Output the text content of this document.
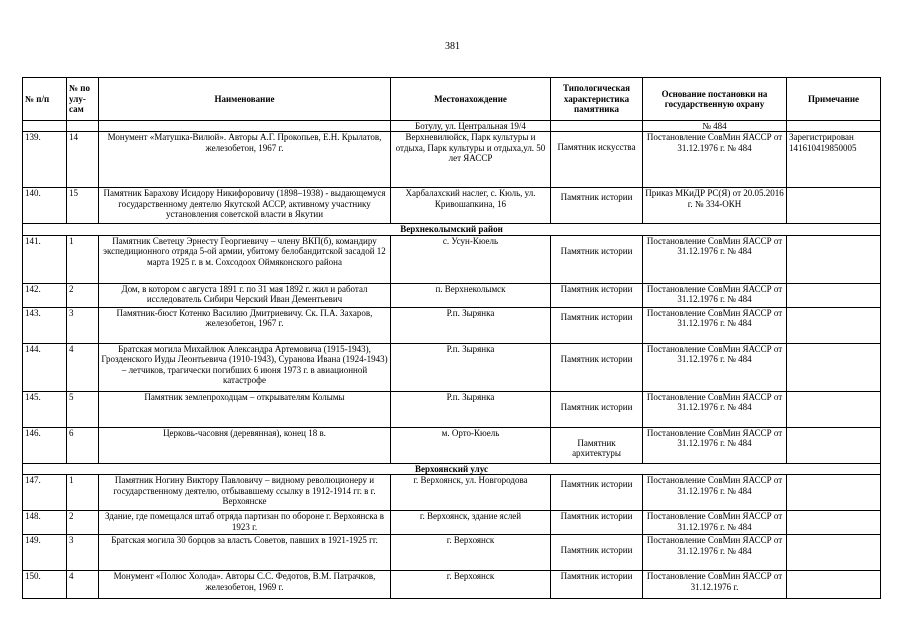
381
№ п/п	№ по улу-сам	Наименование	Местонахождение	Типологическая характеристика памятника	Основание постановки на государственную охрану	Примечание
			Ботулу, ул. Центральная 19/4		№ 484	
139.	14	Монумент «Матушка-Вилюй». Авторы А.Г. Прокопьев, Е.Н. Крылатов, железобетон, 1967 г.	Верхневилюйск, Парк культуры и отдыха, Парк культуры и отдыха,ул. 50 лет ЯАССР	Памятник искусства	Постановление СовМин ЯАССР от 31.12.1976 г. № 484	Зарегистрирован 141610419850005
140.	15	Памятник Барахову Исидору Никифоровичу (1898–1938) - выдающемуся государственному деятелю Якутской АССР, активному участнику установления советской власти в Якутии	Харбалахский наслег, с. Кюль, ул. Кривошапкина, 16	Памятник истории	Приказ МКиДР РС(Я) от 20.05.2016 г. № 334-ОКН	
Верхнеколымский район						
141.	1	Памятник Светецу Эрнесту Георгиевичу – члену ВКП(б), командиру экспедиционного отряда 5-ой армии, убитому белобандитской засадой 12 марта 1925 г. в м. Сохсодоох Оймяконского района	с. Усун-Кюель	Памятник истории	Постановление СовМин ЯАССР от 31.12.1976 г. № 484	
142.	2	Дом, в котором с августа 1891 г. по 31 мая 1892 г. жил и работал исследователь Сибири Черский Иван Дементьевич	п. Верхнеколымск	Памятник истории	Постановление СовМин ЯАССР от 31.12.1976 г. № 484	
143.	3	Памятник-бюст Котенко Василию Дмитриевичу. Ск. П.А. Захаров, железобетон, 1967 г.	Р.п. Зырянка	Памятник истории	Постановление СовМин ЯАССР от 31.12.1976 г. № 484	
144.	4	Братская могила Михайлюк Александра Артемовича (1915-1943), Грозденского Иуды Леонтьевича (1910-1943), Суранова Ивана (1924-1943) – летчиков, трагически погибших 6 июня 1973 г. в авиационной катастрофе	Р.п. Зырянка	Памятник истории	Постановление СовМин ЯАССР от 31.12.1976 г. № 484	
145.	5	Памятник землепроходцам – открывателям Колымы	Р.п. Зырянка	Памятник истории	Постановление СовМин ЯАССР от 31.12.1976 г. № 484	
146.	6	Церковь-часовня (деревянная), конец 18 в.	м. Орто-Кюель	Памятник архитектуры	Постановление СовМин ЯАССР от 31.12.1976 г. № 484	
Верхоянский улус						
147.	1	Памятник Ногину Виктору Павловичу – видному революционеру и государственному деятелю, отбывавшему ссылку в 1912-1914 гг. в г. Верхоянске	г. Верхоянск, ул. Новгородова	Памятник истории	Постановление СовМин ЯАССР от 31.12.1976 г. № 484	
148.	2	Здание, где помещался штаб отряда партизан по обороне г. Верхоянска в 1923 г.	г. Верхоянск, здание яслей	Памятник истории	Постановление СовМин ЯАССР от 31.12.1976 г. № 484	
149.	3	Братская могила 30 борцов за власть Советов, павших в 1921-1925 гг.	г. Верхоянск	Памятник истории	Постановление СовМин ЯАССР от 31.12.1976 г. № 484	
150.	4	Монумент «Полюс Холода». Авторы С.С. Федотов, В.М. Патрачков, железобетон, 1969 г.	г. Верхоянск	Памятник истории	Постановление СовМин ЯАССР от 31.12.1976 г.	
